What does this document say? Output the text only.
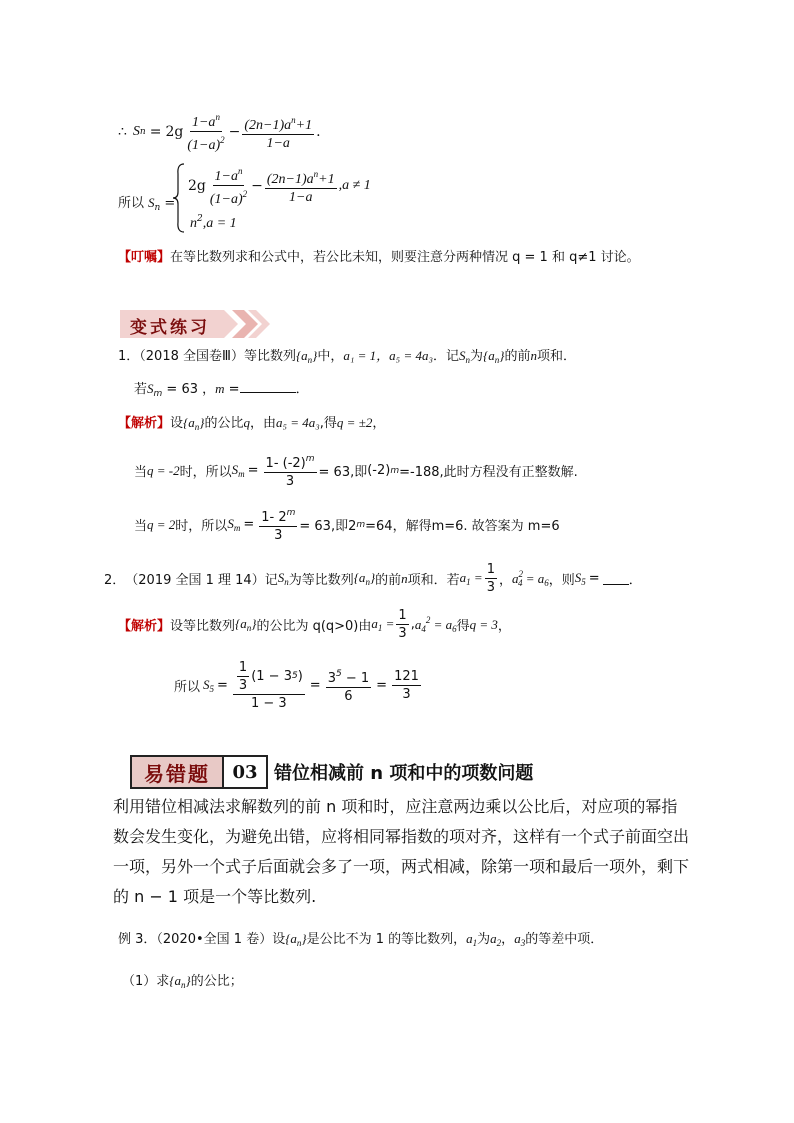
∴ S $n = 2g \frac{1-a^n}{(1-a)^2} - \frac{(2n-1)a^n+1}{1-a}$ .
所以 $S_n$ =
$2g \frac{1-a^n}{(1-a)^2} - \frac{(2n-1)a^n+1}{1-a} ,a \ne 1$
$n^2,a = 1$
【叮嘱】在等比数列求和公式中，若公比未知，则要注意分两种情况 q = 1 和 q≠1 讨论。
变式练习
1．（2018 全国卷Ⅲ）等比数列$\{a_n\}$中，a₁ = 1，a₅ = 4a₃．记$S_n$为$\{a_n\}$的前n项和．
若$S_m = 63$ ，m =	．
【解析】设$\{a_n\}$的公比q，由a₅ = 4a₃,得q = ±2，
当 q = -2 时，所以 $S_m = \frac{1- (-2)^m}{3} = 63$,即 (-2) m =-188,此时方程没有正整数解.
当 q = 2 时，所以 $S_m = \frac{1- 2^m}{3} = 63$,即2 m =64，解得m=6. 故答案为 m=6
2． （2019 全国 1 理 14）记 $S_n$ 为等比数列 $\{a_n\}$ 的前 n 项和．若 $a_1 = \frac{1}{3}$ ， $a^2_4 = a_6$ ，则 $S_5$ = ．
【解析】 设等比数列 $\{a_n\}$ 的公比为 q(q>0)由 $a_1 = \frac{1}{3}$ , $a_4^2 = a_6$ 得 q = 3 ，
所以 $S_5 = \frac{\frac{1}{3} (1 - 3 5 )}{1 - 3} = \frac{3^5 - 1}{6} = \frac{121}{3}$
易错题	03 错位相减前 n 项和中的项数问题
利用错位相减法求解数列的前 n 项和时，应注意两边乘以公比后，对应项的幂指数会发生变化，为避免出错，应将相同幂指数的项对齐，这样有一个式子前面空出一项，另外一个式子后面就会多了一项，两式相减，除第一项和最后一项外，剩下的 n − 1 项是一个等比数列.
例 3．（2020•全国 1 卷）设$\{a_n\}$是公比不为 1 的等比数列，$a_1$为$a_2$，$a_3$的等差中项．
（1）求$\{a_n\}$的公比；
